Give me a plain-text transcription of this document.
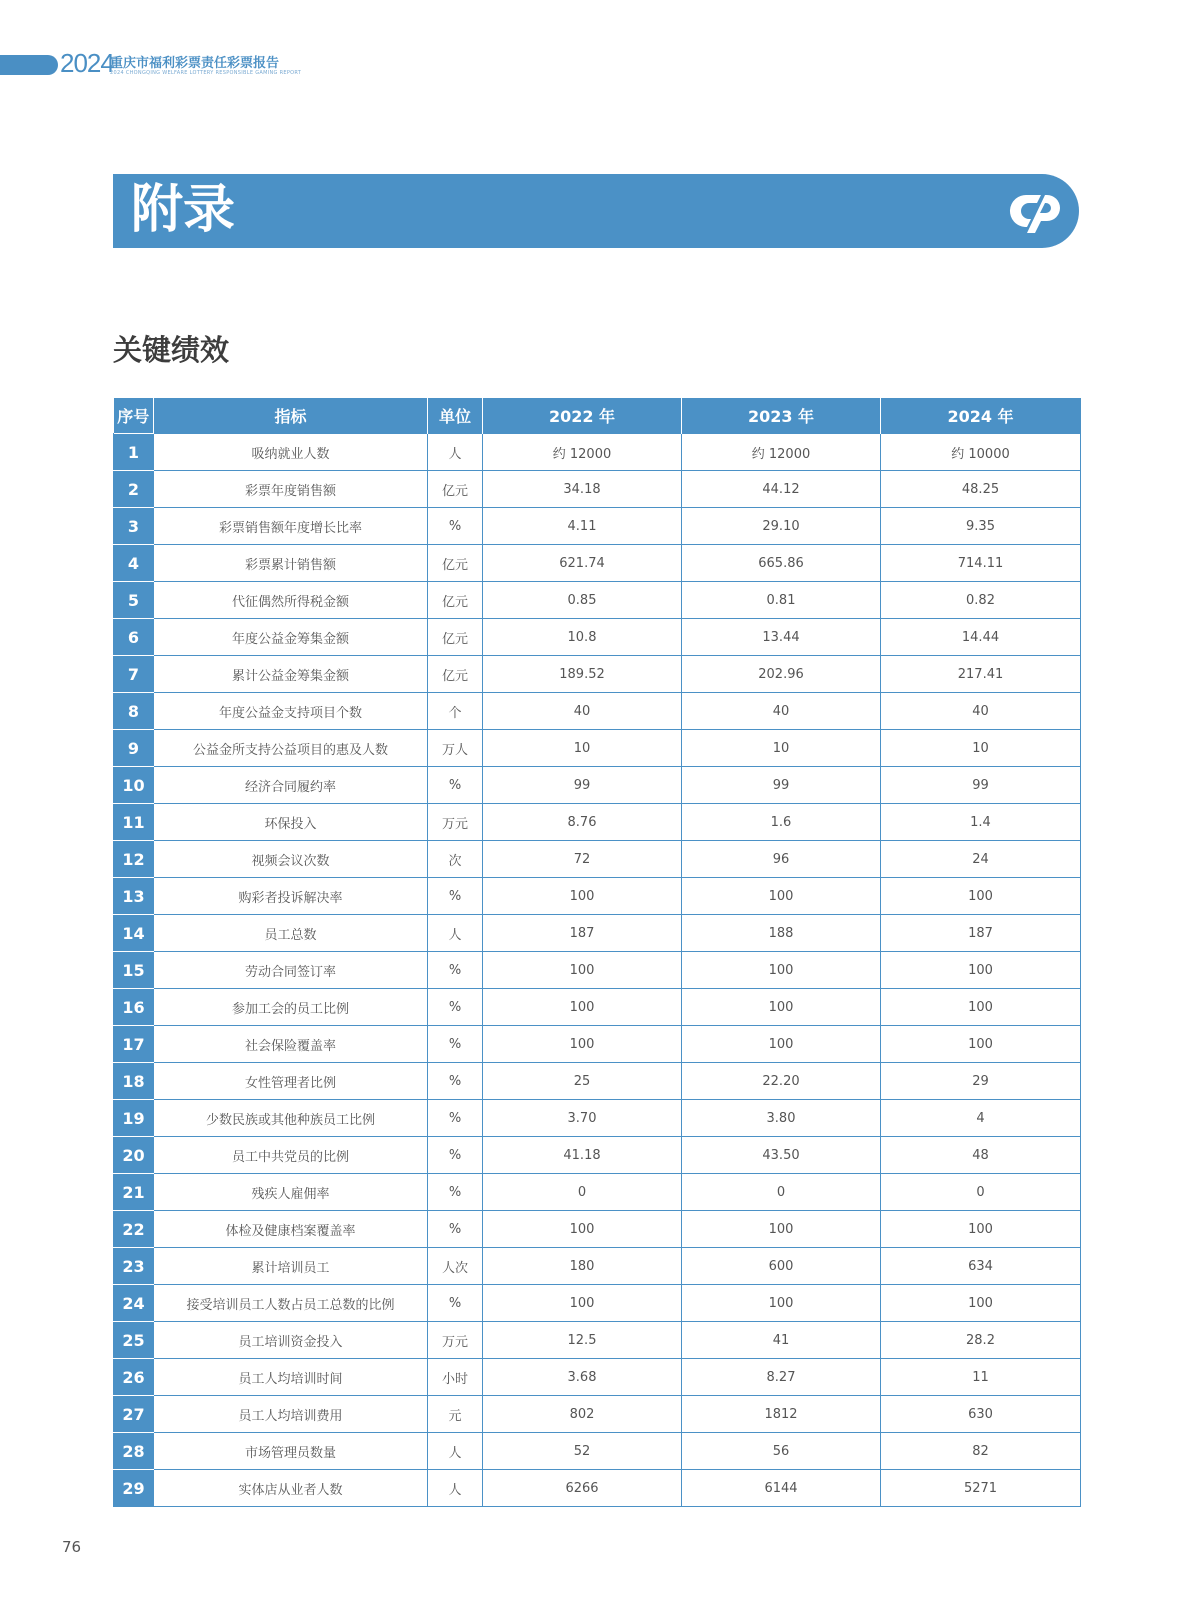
2024
重庆市福利彩票责任彩票报告
2024 CHONGQING WELFARE LOTTERY RESPONSIBLE GAMING REPORT
附录
关键绩效
序号	指标	单位	2022 年	2023 年	2024 年
1	吸纳就业人数	人	约 12000	约 12000	约 10000
2	彩票年度销售额	亿元	34.18	44.12	48.25
3	彩票销售额年度增长比率	%	4.11	29.10	9.35
4	彩票累计销售额	亿元	621.74	665.86	714.11
5	代征偶然所得税金额	亿元	0.85	0.81	0.82
6	年度公益金筹集金额	亿元	10.8	13.44	14.44
7	累计公益金筹集金额	亿元	189.52	202.96	217.41
8	年度公益金支持项目个数	个	40	40	40
9	公益金所支持公益项目的惠及人数	万人	10	10	10
10	经济合同履约率	%	99	99	99
11	环保投入	万元	8.76	1.6	1.4
12	视频会议次数	次	72	96	24
13	购彩者投诉解决率	%	100	100	100
14	员工总数	人	187	188	187
15	劳动合同签订率	%	100	100	100
16	参加工会的员工比例	%	100	100	100
17	社会保险覆盖率	%	100	100	100
18	女性管理者比例	%	25	22.20	29
19	少数民族或其他种族员工比例	%	3.70	3.80	4
20	员工中共党员的比例	%	41.18	43.50	48
21	残疾人雇佣率	%	0	0	0
22	体检及健康档案覆盖率	%	100	100	100
23	累计培训员工	人次	180	600	634
24	接受培训员工人数占员工总数的比例	%	100	100	100
25	员工培训资金投入	万元	12.5	41	28.2
26	员工人均培训时间	小时	3.68	8.27	11
27	员工人均培训费用	元	802	1812	630
28	市场管理员数量	人	52	56	82
29	实体店从业者人数	人	6266	6144	5271
76
